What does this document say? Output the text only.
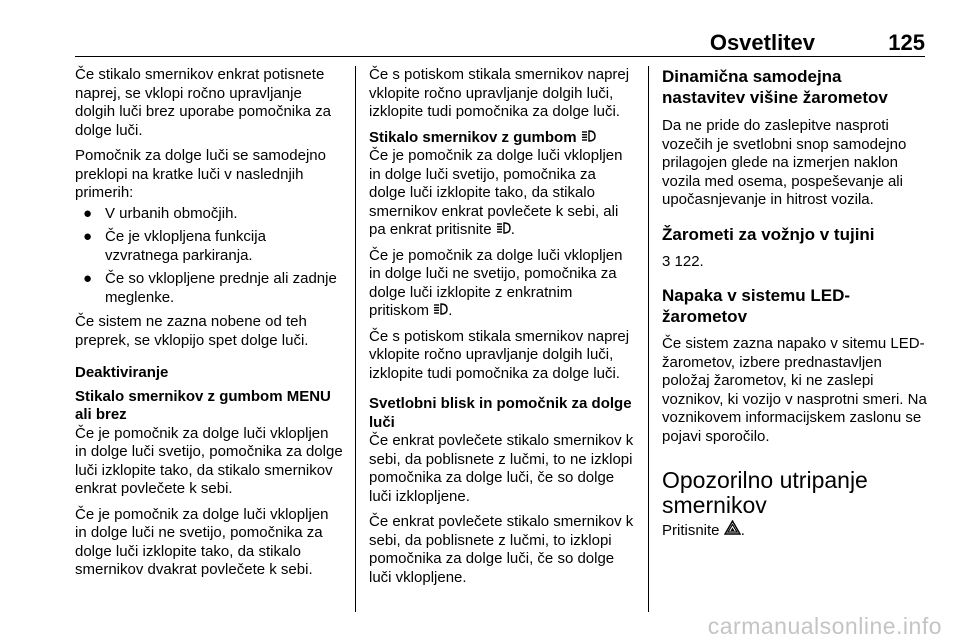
Osvetlitev	125

Če stikalo smernikov enkrat potisnete naprej, se vklopi ročno upravljanje dolgih luči brez uporabe pomočnika za dolge luči.

Pomočnik za dolge luči se samodejno preklopi na kratke luči v naslednjih primerih:

● V urbanih območjih.
● Če je vklopljena funkcija vzvratnega parkiranja.
● Če so vklopljene prednje ali zadnje meglenke.

Če sistem ne zazna nobene od teh preprek, se vklopijo spet dolge luči.

Deaktiviranje

Stikalo smernikov z gumbom MENU ali brez

Če je pomočnik za dolge luči vklopljen in dolge luči svetijo, pomočnika za dolge luči izklopite tako, da stikalo smernikov enkrat povlečete k sebi.

Če je pomočnik za dolge luči vklopljen in dolge luči ne svetijo, pomočnika za dolge luči izklopite tako, da stikalo smernikov dvakrat povlečete k sebi.

Če s potiskom stikala smernikov naprej vklopite ročno upravljanje dolgih luči, izklopite tudi pomočnika za dolge luči.

Stikalo smernikov z gumbom

Če je pomočnik za dolge luči vklopljen in dolge luči svetijo, pomočnika za dolge luči izklopite tako, da stikalo smernikov enkrat povlečete k sebi, ali pa enkrat pritisnite .

Če je pomočnik za dolge luči vklopljen in dolge luči ne svetijo, pomočnika za dolge luči izklopite z enkratnim pritiskom .

Če s potiskom stikala smernikov naprej vklopite ročno upravljanje dolgih luči, izklopite tudi pomočnika za dolge luči.

Svetlobni blisk in pomočnik za dolge luči

Če enkrat povlečete stikalo smernikov k sebi, da poblisnete z lučmi, to ne izklopi pomočnika za dolge luči, če so dolge luči izklopljene.

Če enkrat povlečete stikalo smernikov k sebi, da poblisnete z lučmi, to izklopi pomočnika za dolge luči, če so dolge luči vklopljene.

Dinamična samodejna nastavitev višine žarometov

Da ne pride do zaslepitve nasproti vozečih je svetlobni snop samodejno prilagojen glede na izmerjen naklon vozila med osema, pospeševanje ali upočasnjevanje in hitrost vozila.

Žarometi za vožnjo v tujini

3 122.

Napaka v sistemu LED-žarometov

Če sistem zazna napako v sitemu LED-žarometov, izbere prednastavljen položaj žarometov, ki ne zaslepi voznikov, ki vozijo v nasprotni smeri. Na voznikovem informacijskem zaslonu se pojavi sporočilo.

Opozorilno utripanje smernikov

Pritisnite .

carmanualsonline.info
